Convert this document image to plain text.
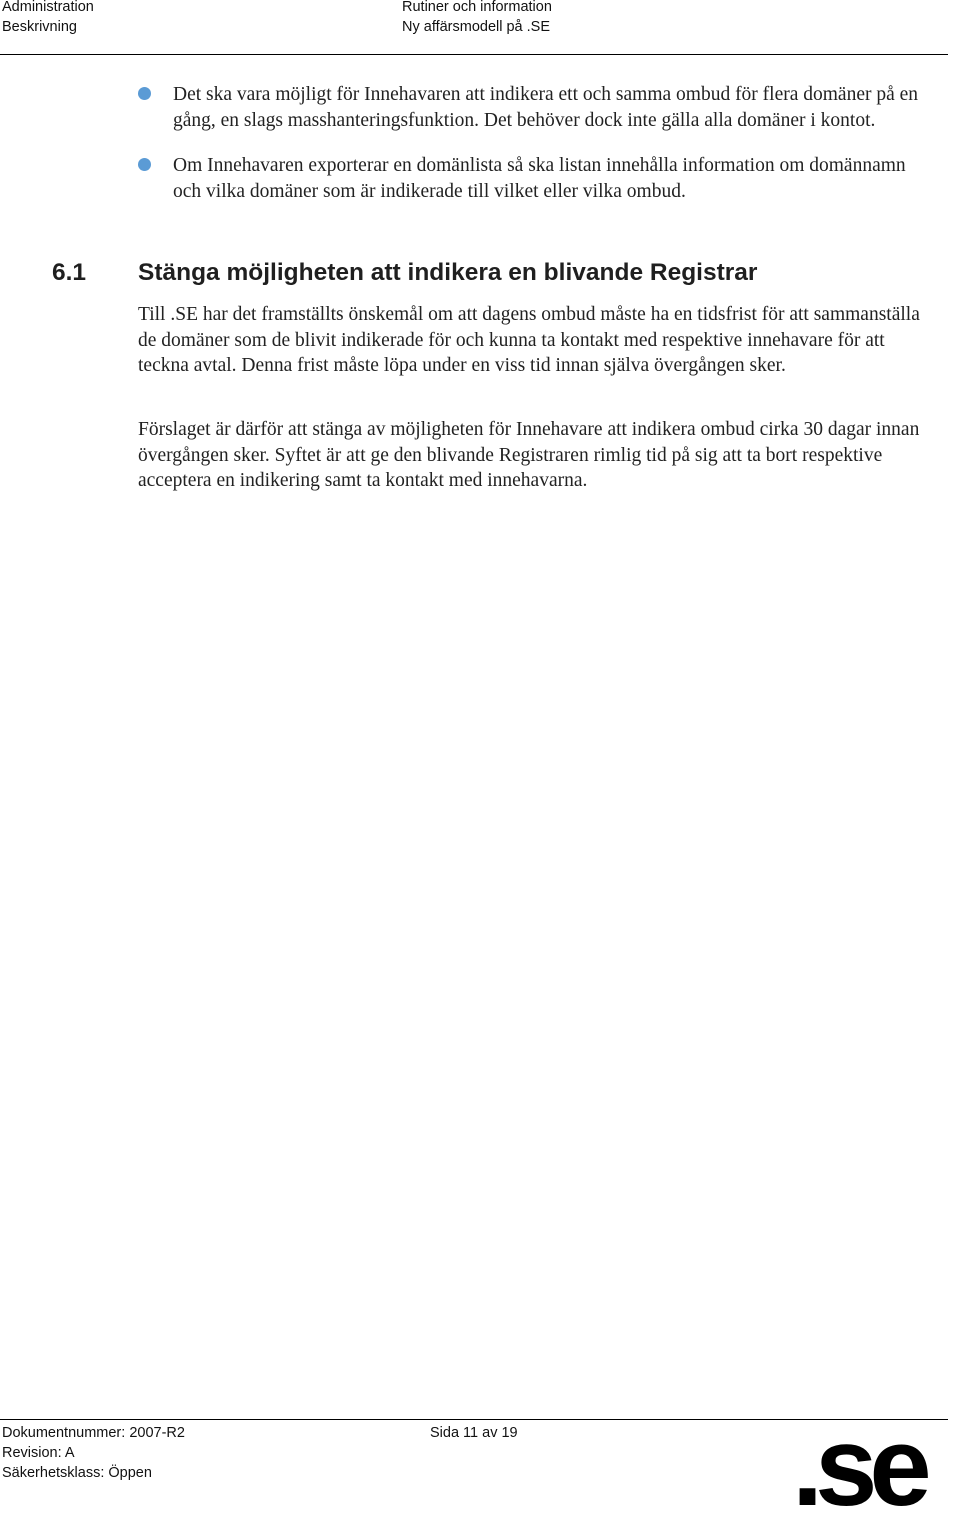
Administration
Beskrivning
Rutiner och information
Ny affärsmodell på .SE
Det ska vara möjligt för Innehavaren att indikera ett och samma ombud för flera domäner på en gång, en slags masshanteringsfunktion. Det behöver dock inte gälla alla domäner i kontot.
Om Innehavaren exporterar en domänlista så ska listan innehålla information om domännamn och vilka domäner som är indikerade till vilket eller vilka ombud.
6.1 Stänga möjligheten att indikera en blivande Registrar

Till .SE har det framställts önskemål om att dagens ombud måste ha en tidsfrist för att sammanställa de domäner som de blivit indikerade för och kunna ta kontakt med respektive innehavare för att teckna avtal. Denna frist måste löpa under en viss tid innan själva övergången sker.

Förslaget är därför att stänga av möjligheten för Innehavare att indikera ombud cirka 30 dagar innan övergången sker. Syftet är att ge den blivande Registraren rimlig tid på sig att ta bort respektive acceptera en indikering samt ta kontakt med innehavarna.

Dokumentnummer: 2007-R2
Revision: A
Säkerhetsklass: Öppen
Sida 11 av 19 .se
